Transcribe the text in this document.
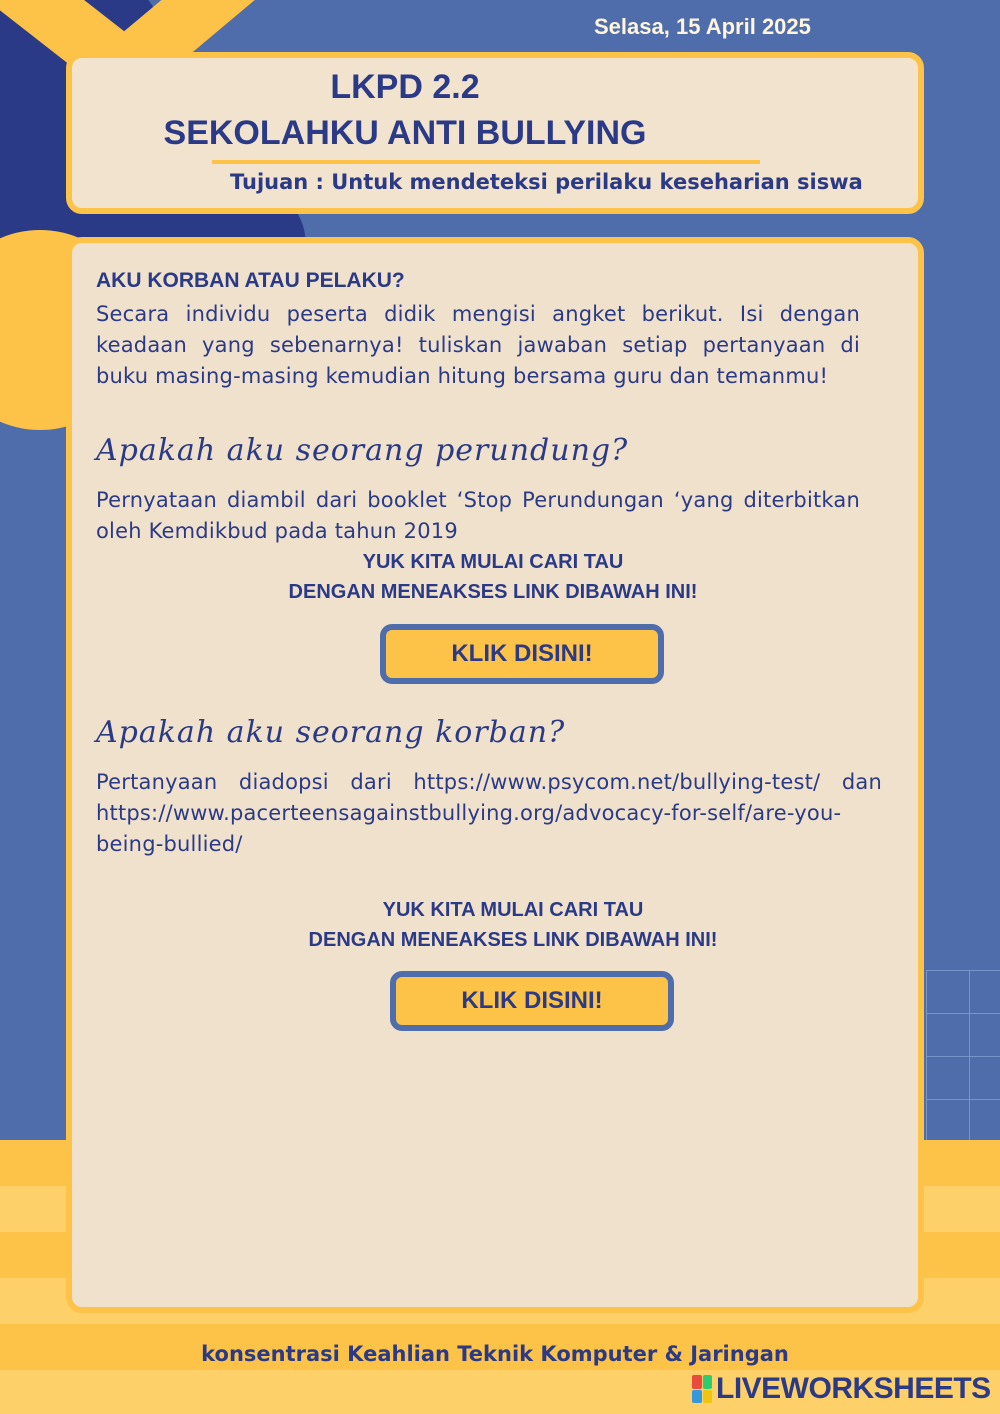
Selasa, 15 April 2025
LKPD 2.2
SEKOLAHKU ANTI BULLYING
Tujuan : Untuk mendeteksi perilaku keseharian siswa
AKU KORBAN ATAU PELAKU?
Secara individu peserta didik mengisi angket berikut. Isi dengan keadaan yang sebenarnya! tuliskan jawaban setiap pertanyaan di buku masing-masing kemudian hitung bersama guru dan temanmu!
Apakah aku seorang perundung?
Pernyataan diambil dari booklet ‘Stop Perundungan ‘yang diterbitkan oleh Kemdikbud pada tahun 2019
YUK KITA MULAI CARI TAU
DENGAN MENEAKSES LINK DIBAWAH INI!
KLIK DISINI!
Apakah aku seorang korban?
Pertanyaan diadopsi dari https://www.psycom.net/bullying-test/ dan https://www.pacerteensagainstbullying.org/advocacy-for-self/are-you-being-bullied/
YUK KITA MULAI CARI TAU
DENGAN MENEAKSES LINK DIBAWAH INI!
KLIK DISINI!
konsentrasi Keahlian Teknik Komputer & Jaringan
LIVEWORKSHEETS
